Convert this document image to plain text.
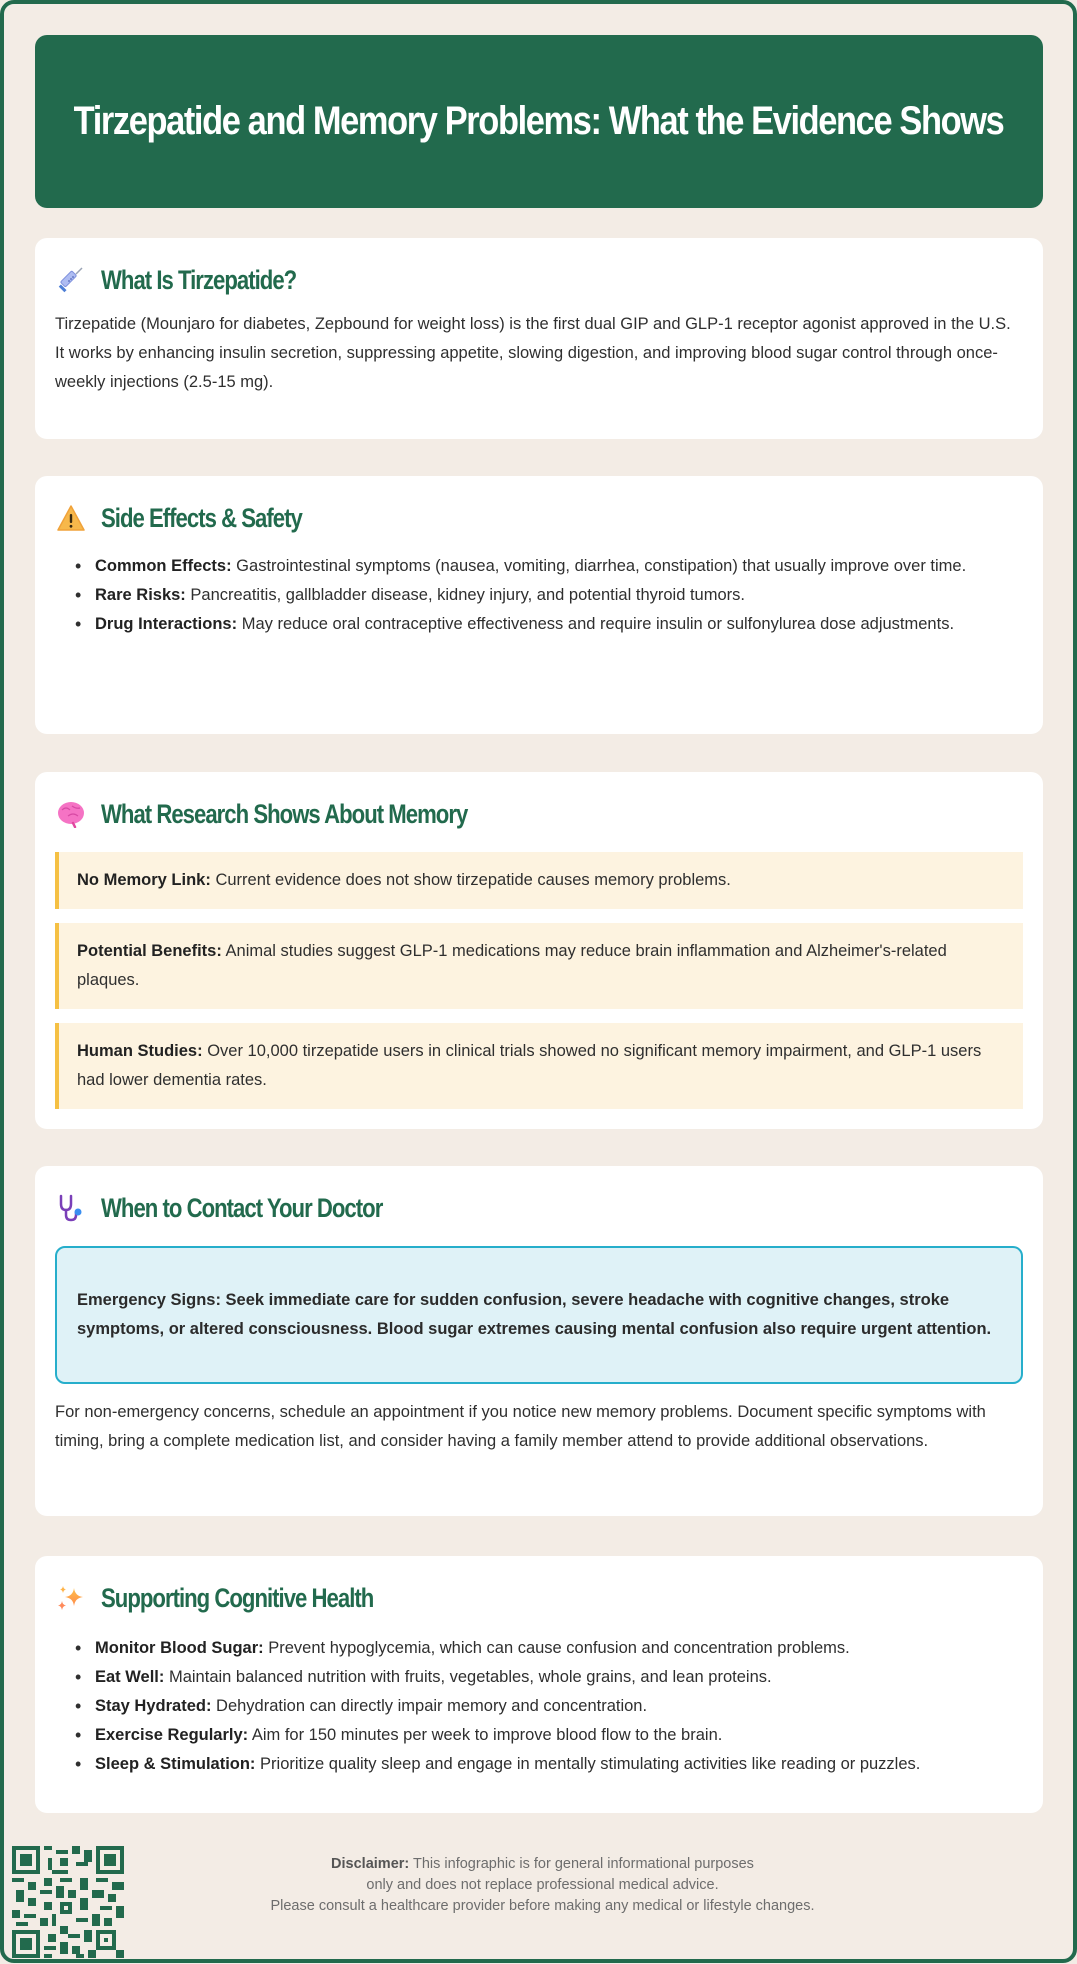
Tirzepatide and Memory Problems: What the Evidence Shows
What Is Tirzepatide?

Tirzepatide (Mounjaro for diabetes, Zepbound for weight loss) is the first dual GIP and GLP-1 receptor agonist approved in the U.S. It works by enhancing insulin secretion, suppressing appetite, slowing digestion, and improving blood sugar control through once-weekly injections (2.5-15 mg).

Side Effects & Safety
• Common Effects: Gastrointestinal symptoms (nausea, vomiting, diarrhea, constipation) that usually improve over time.
• Rare Risks: Pancreatitis, gallbladder disease, kidney injury, and potential thyroid tumors.
• Drug Interactions: May reduce oral contraceptive effectiveness and require insulin or sulfonylurea dose adjustments.
What Research Shows About Memory
No Memory Link: Current evidence does not show tirzepatide causes memory problems.
Potential Benefits: Animal studies suggest GLP-1 medications may reduce brain inflammation and Alzheimer's-related plaques.
Human Studies: Over 10,000 tirzepatide users in clinical trials showed no significant memory impairment, and GLP-1 users had lower dementia rates.
When to Contact Your Doctor
Emergency Signs: Seek immediate care for sudden confusion, severe headache with cognitive changes, stroke symptoms, or altered consciousness. Blood sugar extremes causing mental confusion also require urgent attention.

For non-emergency concerns, schedule an appointment if you notice new memory problems. Document specific symptoms with timing, bring a complete medication list, and consider having a family member attend to provide additional observations.

Supporting Cognitive Health
• Monitor Blood Sugar: Prevent hypoglycemia, which can cause confusion and concentration problems.
• Eat Well: Maintain balanced nutrition with fruits, vegetables, whole grains, and lean proteins.
• Stay Hydrated: Dehydration can directly impair memory and concentration.
• Exercise Regularly: Aim for 150 minutes per week to improve blood flow to the brain.
• Sleep & Stimulation: Prioritize quality sleep and engage in mentally stimulating activities like reading or puzzles.
Disclaimer: This infographic is for general informational purposes
only and does not replace professional medical advice.
Please consult a healthcare provider before making any medical or lifestyle changes.
